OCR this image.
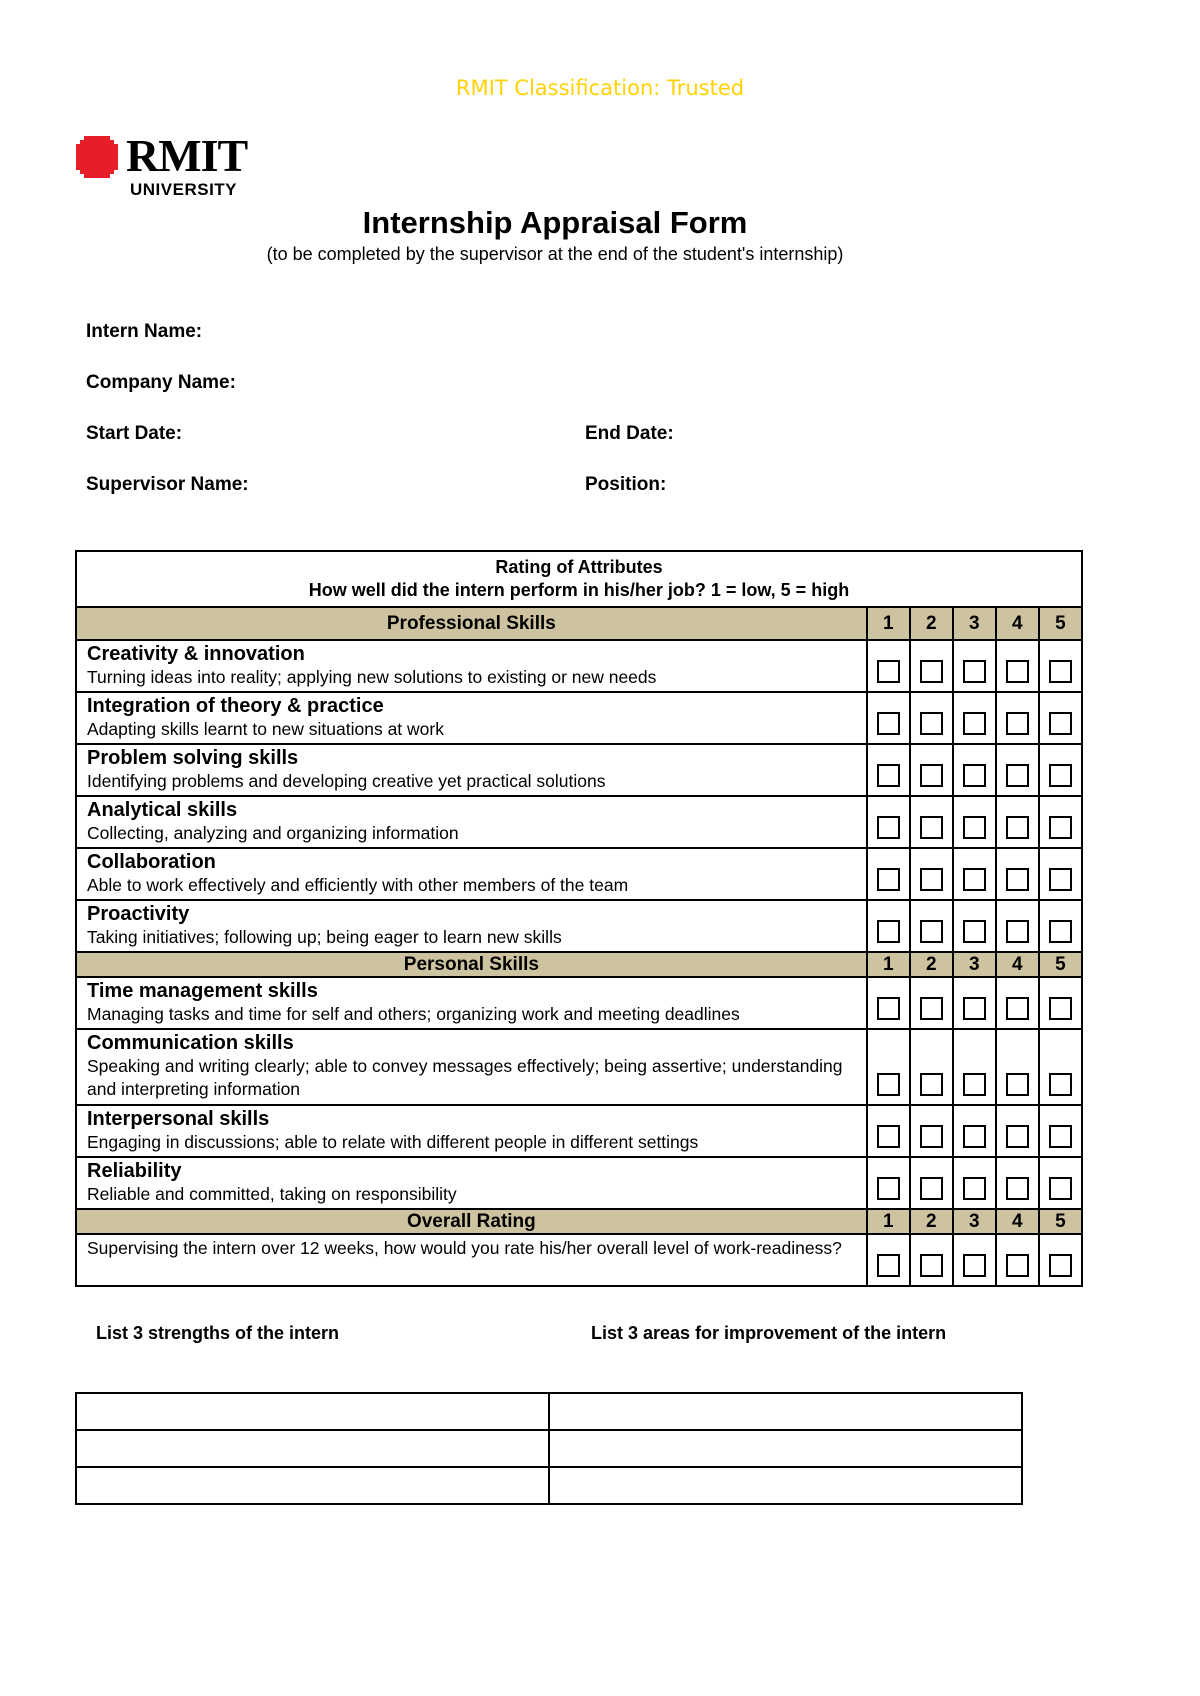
RMIT Classification: Trusted
RMIT
UNIVERSITY
Internship Appraisal Form
(to be completed by the supervisor at the end of the student's internship)
Intern Name:
Company Name:
Start Date:	End Date:
Supervisor Name:	Position:
Rating of Attributes
How well did the intern perform in his/her job? 1 = low, 5 = high					
Professional Skills	1	2	3	4	5

Creativity & innovation
Turning ideas into reality; applying new solutions to existing or new needs					

Integration of theory & practice
Adapting skills learnt to new situations at work					

Problem solving skills
Identifying problems and developing creative yet practical solutions					

Analytical skills
Collecting, analyzing and organizing information					

Collaboration
Able to work effectively and efficiently with other members of the team					

Proactivity
Taking initiatives; following up; being eager to learn new skills					

Personal Skills	1	2	3	4	5

Time management skills
Managing tasks and time for self and others; organizing work and meeting deadlines					

Communication skills
Speaking and writing clearly; able to convey messages effectively; being assertive; understanding and interpreting information					

Interpersonal skills
Engaging in discussions; able to relate with different people in different settings					

Reliability
Reliable and committed, taking on responsibility					

Overall Rating	1	2	3	4	5

Supervising the intern over 12 weeks, how would you rate his/her overall level of work-readiness?					

List 3 strengths of the intern	List 3 areas for improvement of the intern
